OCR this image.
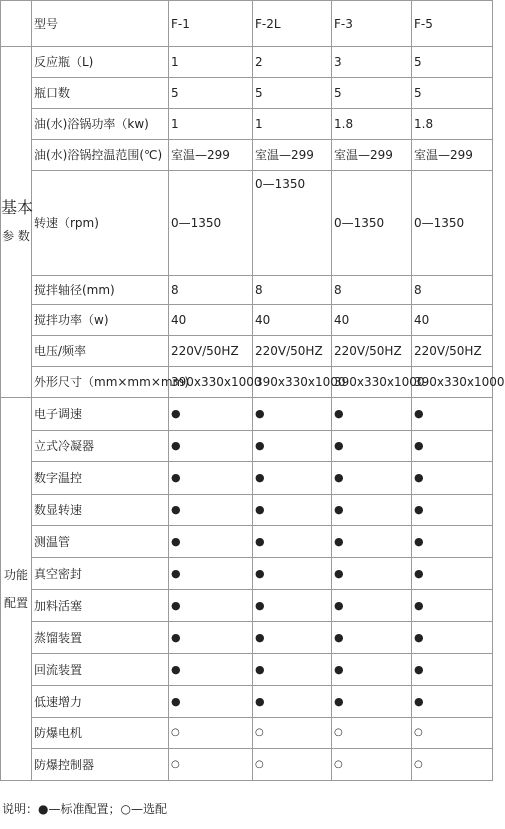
	型号	F-1	F-2L	F-3	F-5

基本
参 数	反应瓶（L)	1	2	3	5
	瓶口数	5	5	5	5
	油(水)浴锅功率（kw)	1	1	1.8	1.8
	油(水)浴锅控温范围(℃)	室温—299	室温—299	室温—299	室温—299
	转速（rpm)	0—1350	0—1350	0—1350	0—1350
	搅拌轴径(mm)	8	8	8	8
	搅拌功率（w)	40	40	40	40
	电压/频率	220V/50HZ	220V/50HZ	220V/50HZ	220V/50HZ
	外形尺寸（mm×mm×mm)	390x330x1000	390x330x1000	390x330x1000	390x330x1000

功能
配置	电子调速	●	●	●	●
	立式冷凝器	●	●	●	●
	数字温控	●	●	●	●
	数显转速	●	●	●	●
	测温管	●	●	●	●
	真空密封	●	●	●	●
	加料活塞	●	●	●	●
	蒸馏装置	●	●	●	●
	回流装置	●	●	●	●
	低速增力	●	●	●	●
	防爆电机	○	○	○	○
	防爆控制器	○	○	○	○
说明：●—标准配置；○—选配
